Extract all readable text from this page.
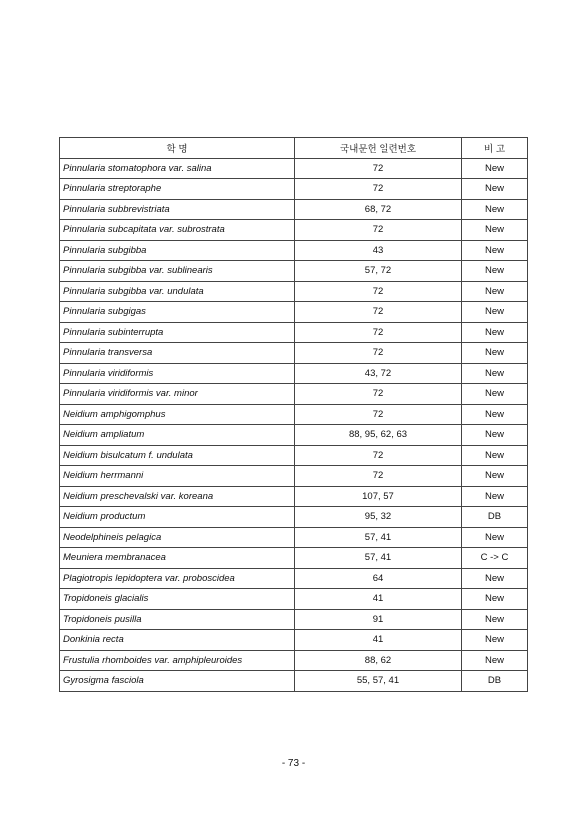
학 명	국내문헌 일련번호	비 고
Pinnularia stomatophora var. salina	72	New
Pinnularia streptoraphe	72	New
Pinnularia subbrevistriata	68, 72	New
Pinnularia subcapitata var. subrostrata	72	New
Pinnularia subgibba	43	New
Pinnularia subgibba var. sublinearis	57, 72	New
Pinnularia subgibba var. undulata	72	New
Pinnularia subgigas	72	New
Pinnularia subinterrupta	72	New
Pinnularia transversa	72	New
Pinnularia viridiformis	43, 72	New
Pinnularia viridiformis var. minor	72	New
Neidium amphigomphus	72	New
Neidium ampliatum	88, 95, 62, 63	New
Neidium bisulcatum f. undulata	72	New
Neidium herrmanni	72	New
Neidium preschevalski var. koreana	107, 57	New
Neidium productum	95, 32	DB
Neodelphineis pelagica	57, 41	New
Meuniera membranacea	57, 41	C -> C
Plagiotropis lepidoptera var. proboscidea	64	New
Tropidoneis glacialis	41	New
Tropidoneis pusilla	91	New
Donkinia recta	41	New
Frustulia rhomboides var. amphipleuroides	88, 62	New
Gyrosigma fasciola	55, 57, 41	DB
- 73 -
